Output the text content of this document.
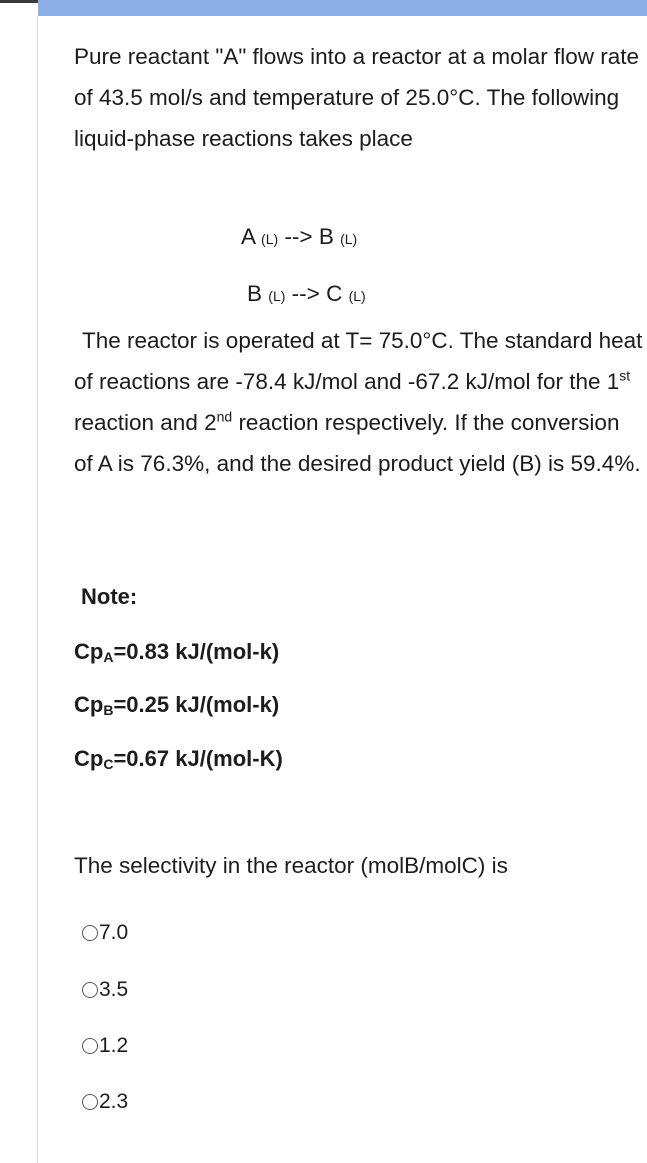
Pure reactant "A" flows into a reactor at a molar flow rate of 43.5 mol/s and temperature of 25.0°C. The following liquid-phase reactions takes place

A (L) --> B (L)
B (L) --> C (L)

The reactor is operated at T= 75.0°C. The standard heat of reactions are -78.4 kJ/mol and -67.2 kJ/mol for the 1st reaction and 2nd reaction respectively. If the conversion of A is 76.3%, and the desired product yield (B) is 59.4%.

Note:

$Cp_A=0.83$ kJ/(mol-k)

$Cp_B=0.25$ kJ/(mol-k)

$Cp_C=0.67$ kJ/(mol-K)

The selectivity in the reactor (molB/molC) is

7.0
3.5
1.2
2.3
